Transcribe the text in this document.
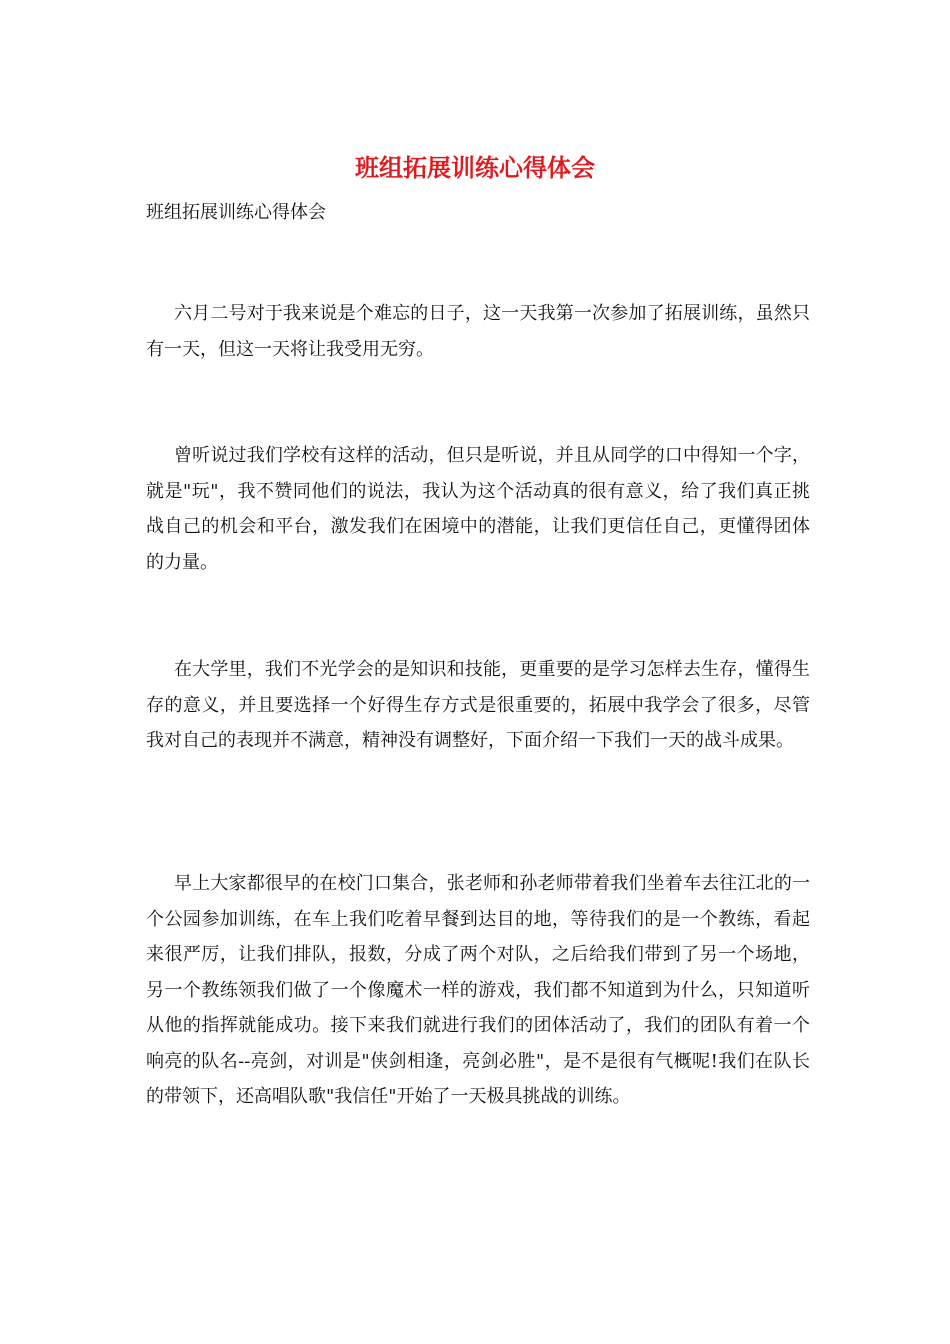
班组拓展训练心得体会

班组拓展训练心得体会

六月二号对于我来说是个难忘的日子，这一天我第一次参加了拓展训练，虽然只有一天，但这一天将让我受用无穷。

曾听说过我们学校有这样的活动，但只是听说，并且从同学的口中得知一个字，就是"玩"，我不赞同他们的说法，我认为这个活动真的很有意义，给了我们真正挑战自己的机会和平台，激发我们在困境中的潜能，让我们更信任自己，更懂得团体的力量。

在大学里，我们不光学会的是知识和技能，更重要的是学习怎样去生存，懂得生存的意义，并且要选择一个好得生存方式是很重要的，拓展中我学会了很多，尽管我对自己的表现并不满意，精神没有调整好，下面介绍一下我们一天的战斗成果。

早上大家都很早的在校门口集合，张老师和孙老师带着我们坐着车去往江北的一个公园参加训练，在车上我们吃着早餐到达目的地，等待我们的是一个教练，看起来很严厉，让我们排队，报数，分成了两个对队，之后给我们带到了另一个场地，另一个教练领我们做了一个像魔术一样的游戏，我们都不知道到为什么，只知道听从他的指挥就能成功。接下来我们就进行我们的团体活动了，我们的团队有着一个响亮的队名--亮剑，对训是"侠剑相逢，亮剑必胜"，是不是很有气概呢!我们在队长的带领下，还高唱队歌"我信任"开始了一天极具挑战的训练。
